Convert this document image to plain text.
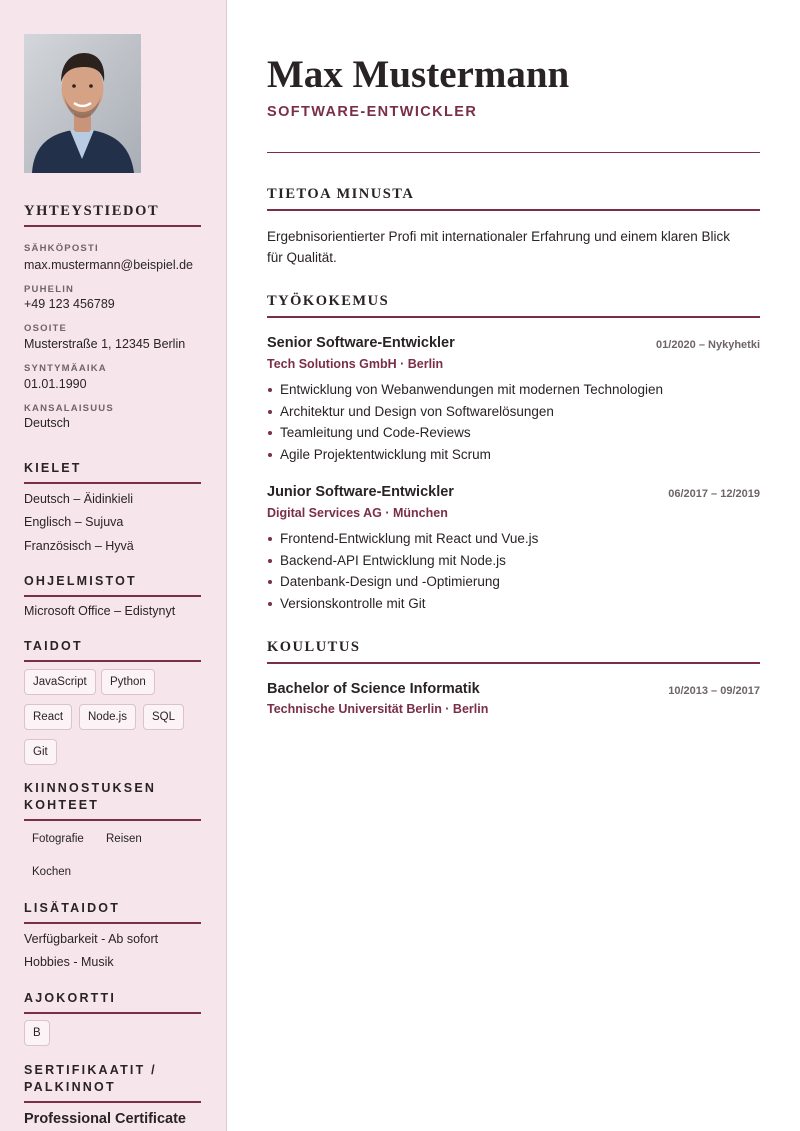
YHTEYSTIEDOT
SÄHKÖPOSTI
max.mustermann@beispiel.de
PUHELIN
+49 123 456789
OSOITE
Musterstraße 1, 12345 Berlin
SYNTYMÄAIKA
01.01.1990
KANSALAISUUS
Deutsch
KIELET
Deutsch – Äidinkieli
Englisch – Sujuva
Französisch – Hyvä
OHJELMISTOT
Microsoft Office – Edistynyt
TAIDOT
JavaScript	Python
React	Node.js	SQL
Git
KIINNOSTUKSEN
KOHTEET
Fotografie	Reisen
Kochen
LISÄTAIDOT
Verfügbarkeit - Ab sofort
Hobbies - Musik
AJOKORTTI
B
SERTIFIKAATIT /
PALKINNOT
Professional Certificate
Max Mustermann
SOFTWARE-ENTWICKLER
TIETOA MINUSTA

Ergebnisorientierter Profi mit internationaler Erfahrung und einem klaren Blick für Qualität.

TYÖKOKEMUS
Senior Software-Entwickler	01/2020 – Nykyhetki
Tech Solutions GmbH · Berlin
Entwicklung von Webanwendungen mit modernen Technologien
Architektur und Design von Softwarelösungen
Teamleitung und Code-Reviews
Agile Projektentwicklung mit Scrum
Junior Software-Entwickler	06/2017 – 12/2019
Digital Services AG · München
Frontend-Entwicklung mit React und Vue.js
Backend-API Entwicklung mit Node.js
Datenbank-Design und -Optimierung
Versionskontrolle mit Git
KOULUTUS
Bachelor of Science Informatik	10/2013 – 09/2017
Technische Universität Berlin · Berlin
